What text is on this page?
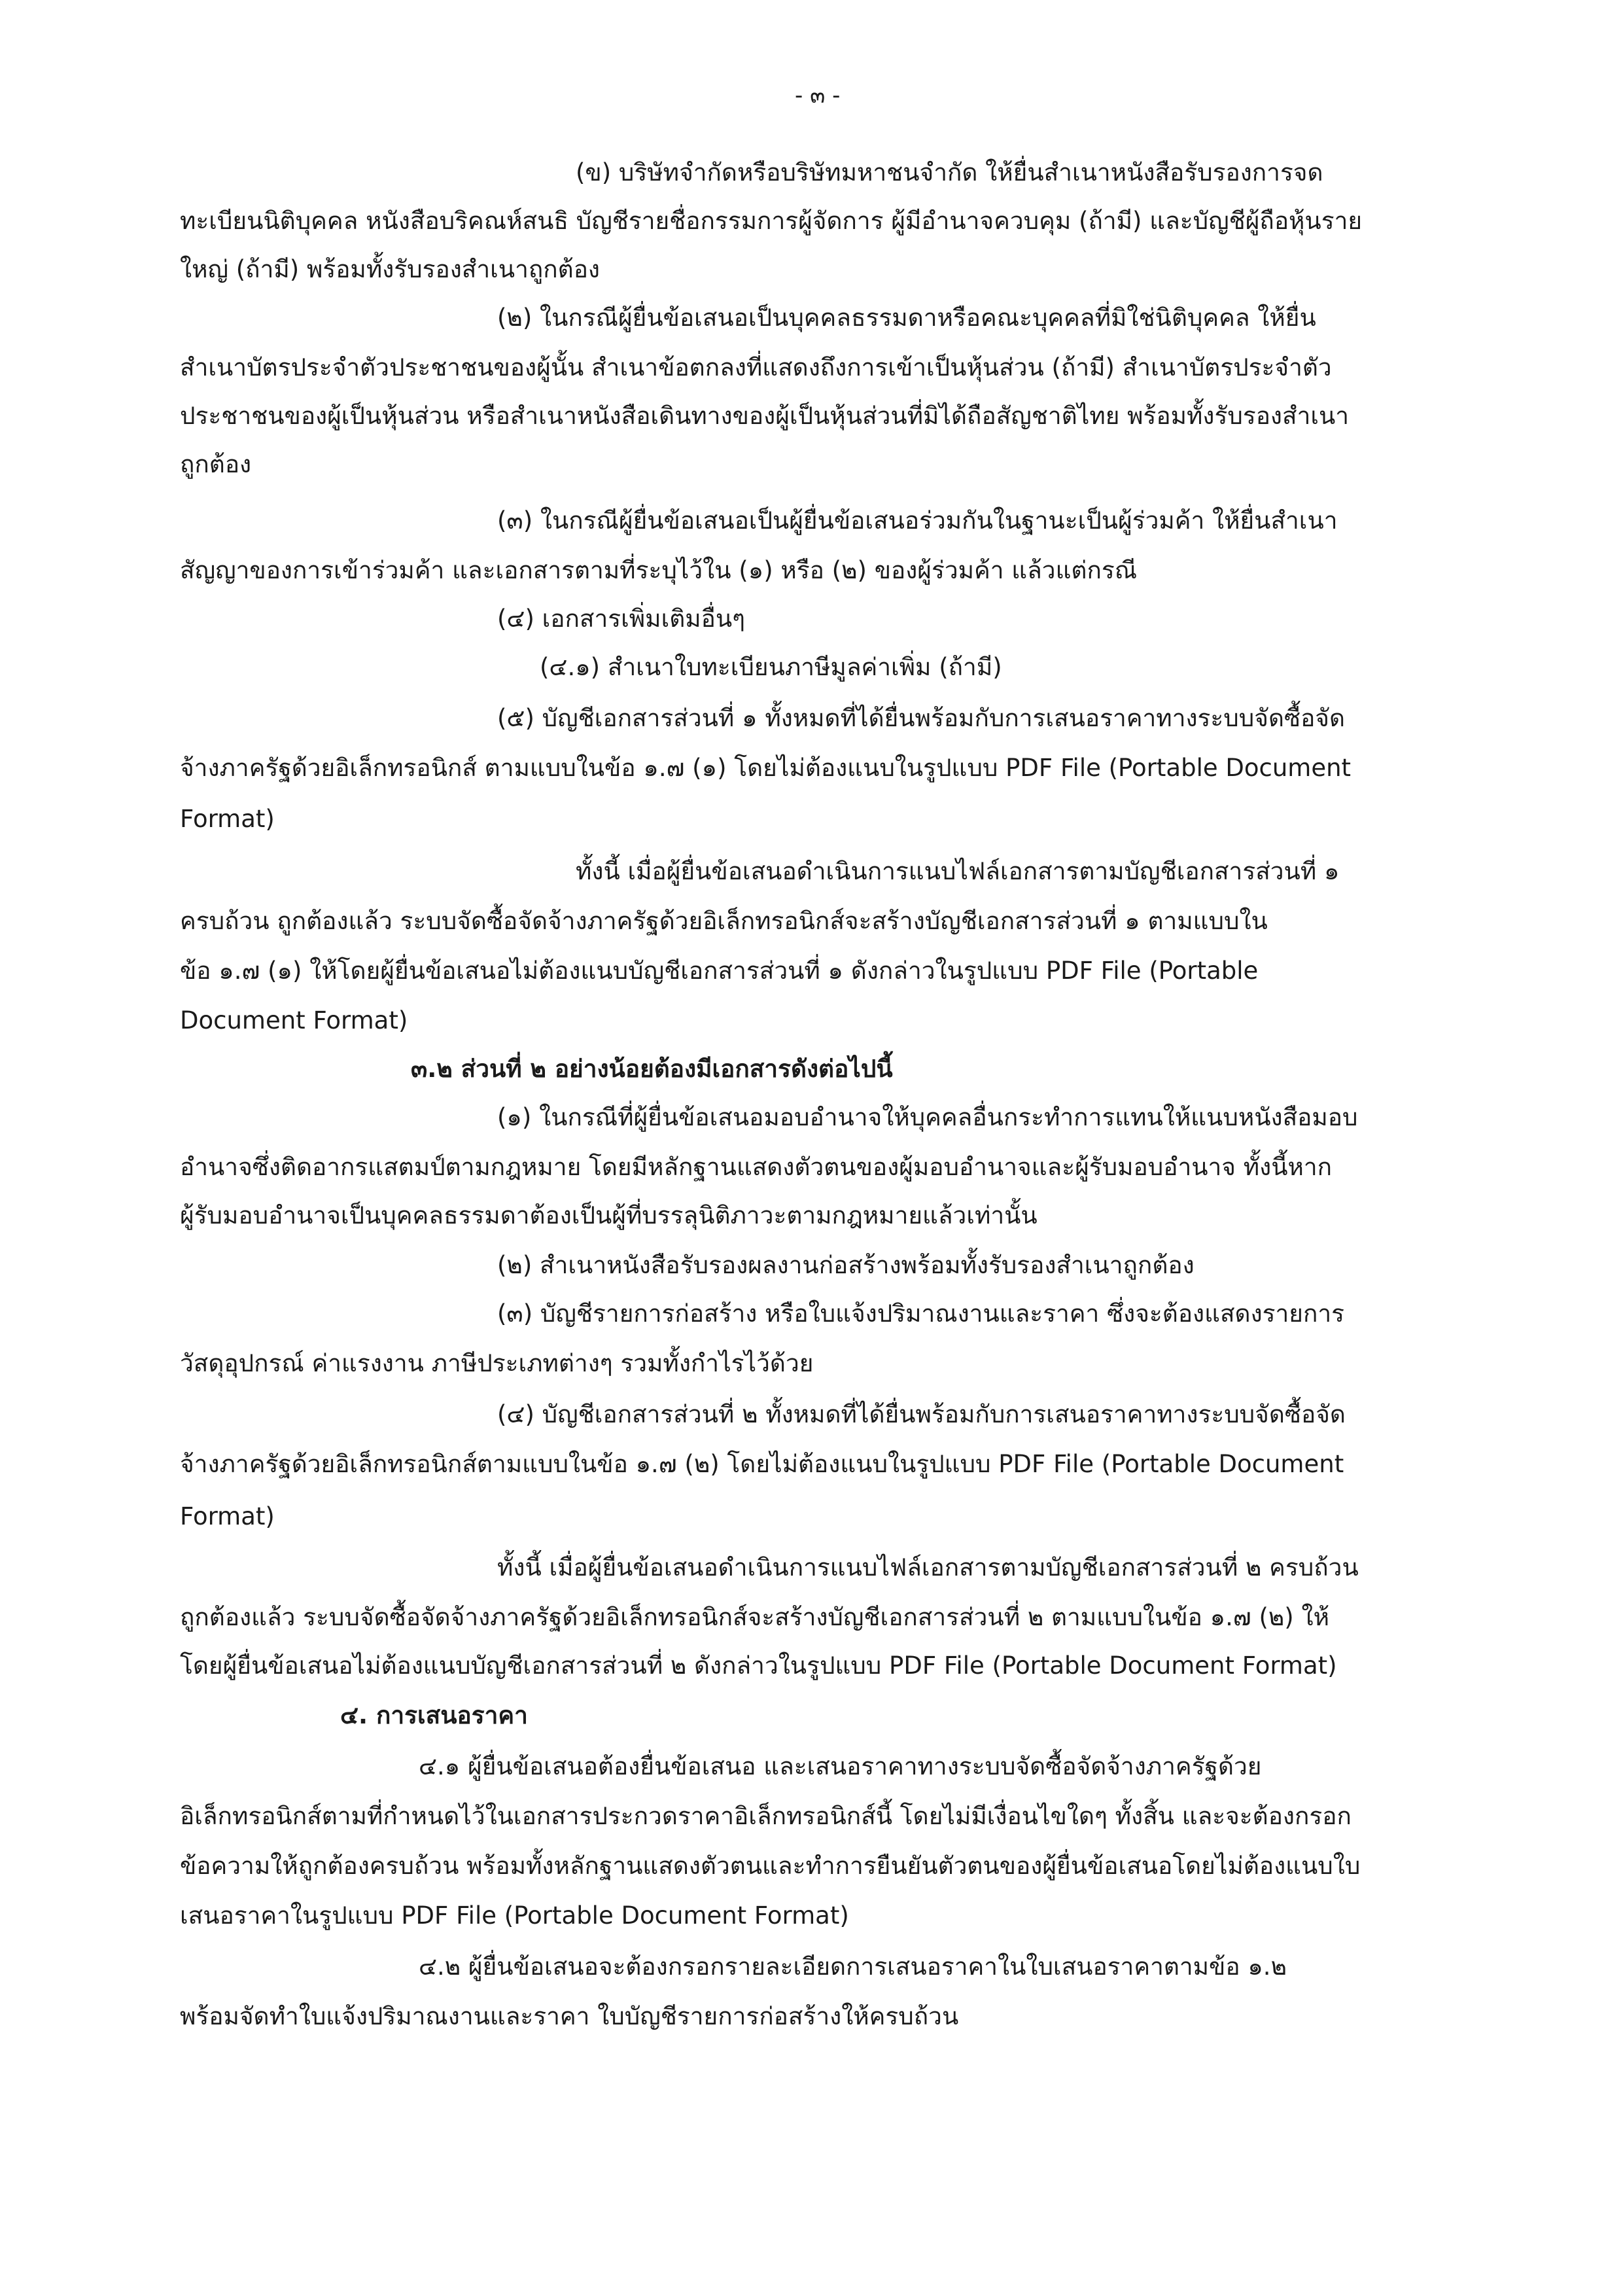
- ๓ -
(ข) บริษัทจำกัดหรือบริษัทมหาชนจำกัด ให้ยื่นสำเนาหนังสือรับรองการจด
ทะเบียนนิติบุคคล หนังสือบริคณห์สนธิ บัญชีรายชื่อกรรมการผู้จัดการ ผู้มีอำนาจควบคุม (ถ้ามี) และบัญชีผู้ถือหุ้นราย
ใหญ่ (ถ้ามี) พร้อมทั้งรับรองสำเนาถูกต้อง
(๒) ในกรณีผู้ยื่นข้อเสนอเป็นบุคคลธรรมดาหรือคณะบุคคลที่มิใช่นิติบุคคล ให้ยื่น
สำเนาบัตรประจำตัวประชาชนของผู้นั้น สำเนาข้อตกลงที่แสดงถึงการเข้าเป็นหุ้นส่วน (ถ้ามี) สำเนาบัตรประจำตัว
ประชาชนของผู้เป็นหุ้นส่วน หรือสำเนาหนังสือเดินทางของผู้เป็นหุ้นส่วนที่มิได้ถือสัญชาติไทย พร้อมทั้งรับรองสำเนา
ถูกต้อง
(๓) ในกรณีผู้ยื่นข้อเสนอเป็นผู้ยื่นข้อเสนอร่วมกันในฐานะเป็นผู้ร่วมค้า ให้ยื่นสำเนา
สัญญาของการเข้าร่วมค้า และเอกสารตามที่ระบุไว้ใน (๑) หรือ (๒) ของผู้ร่วมค้า แล้วแต่กรณี
(๔) เอกสารเพิ่มเติมอื่นๆ
(๔.๑) สำเนาใบทะเบียนภาษีมูลค่าเพิ่ม (ถ้ามี)
(๕) บัญชีเอกสารส่วนที่ ๑ ทั้งหมดที่ได้ยื่นพร้อมกับการเสนอราคาทางระบบจัดซื้อจัด
จ้างภาครัฐด้วยอิเล็กทรอนิกส์ ตามแบบในข้อ ๑.๗ (๑) โดยไม่ต้องแนบในรูปแบบ PDF File (Portable Document
Format)
ทั้งนี้ เมื่อผู้ยื่นข้อเสนอดำเนินการแนบไฟล์เอกสารตามบัญชีเอกสารส่วนที่ ๑
ครบถ้วน ถูกต้องแล้ว ระบบจัดซื้อจัดจ้างภาครัฐด้วยอิเล็กทรอนิกส์จะสร้างบัญชีเอกสารส่วนที่ ๑ ตามแบบใน
ข้อ ๑.๗ (๑) ให้โดยผู้ยื่นข้อเสนอไม่ต้องแนบบัญชีเอกสารส่วนที่ ๑ ดังกล่าวในรูปแบบ PDF File (Portable
Document Format)
๓.๒ ส่วนที่ ๒ อย่างน้อยต้องมีเอกสารดังต่อไปนี้
(๑) ในกรณีที่ผู้ยื่นข้อเสนอมอบอำนาจให้บุคคลอื่นกระทำการแทนให้แนบหนังสือมอบ
อำนาจซึ่งติดอากรแสตมป์ตามกฎหมาย โดยมีหลักฐานแสดงตัวตนของผู้มอบอำนาจและผู้รับมอบอำนาจ ทั้งนี้หาก
ผู้รับมอบอำนาจเป็นบุคคลธรรมดาต้องเป็นผู้ที่บรรลุนิติภาวะตามกฎหมายแล้วเท่านั้น
(๒) สำเนาหนังสือรับรองผลงานก่อสร้างพร้อมทั้งรับรองสำเนาถูกต้อง
(๓) บัญชีรายการก่อสร้าง หรือใบแจ้งปริมาณงานและราคา ซึ่งจะต้องแสดงรายการ
วัสดุอุปกรณ์ ค่าแรงงาน ภาษีประเภทต่างๆ รวมทั้งกำไรไว้ด้วย
(๔) บัญชีเอกสารส่วนที่ ๒ ทั้งหมดที่ได้ยื่นพร้อมกับการเสนอราคาทางระบบจัดซื้อจัด
จ้างภาครัฐด้วยอิเล็กทรอนิกส์ตามแบบในข้อ ๑.๗ (๒) โดยไม่ต้องแนบในรูปแบบ PDF File (Portable Document
Format)
ทั้งนี้ เมื่อผู้ยื่นข้อเสนอดำเนินการแนบไฟล์เอกสารตามบัญชีเอกสารส่วนที่ ๒ ครบถ้วน
ถูกต้องแล้ว ระบบจัดซื้อจัดจ้างภาครัฐด้วยอิเล็กทรอนิกส์จะสร้างบัญชีเอกสารส่วนที่ ๒ ตามแบบในข้อ ๑.๗ (๒) ให้
โดยผู้ยื่นข้อเสนอไม่ต้องแนบบัญชีเอกสารส่วนที่ ๒ ดังกล่าวในรูปแบบ PDF File (Portable Document Format)
๔. การเสนอราคา
๔.๑ ผู้ยื่นข้อเสนอต้องยื่นข้อเสนอ และเสนอราคาทางระบบจัดซื้อจัดจ้างภาครัฐด้วย
อิเล็กทรอนิกส์ตามที่กำหนดไว้ในเอกสารประกวดราคาอิเล็กทรอนิกส์นี้ โดยไม่มีเงื่อนไขใดๆ ทั้งสิ้น และจะต้องกรอก
ข้อความให้ถูกต้องครบถ้วน พร้อมทั้งหลักฐานแสดงตัวตนและทำการยืนยันตัวตนของผู้ยื่นข้อเสนอโดยไม่ต้องแนบใบ
เสนอราคาในรูปแบบ PDF File (Portable Document Format)
๔.๒ ผู้ยื่นข้อเสนอจะต้องกรอกรายละเอียดการเสนอราคาในใบเสนอราคาตามข้อ ๑.๒
พร้อมจัดทำใบแจ้งปริมาณงานและราคา ใบบัญชีรายการก่อสร้างให้ครบถ้วน
